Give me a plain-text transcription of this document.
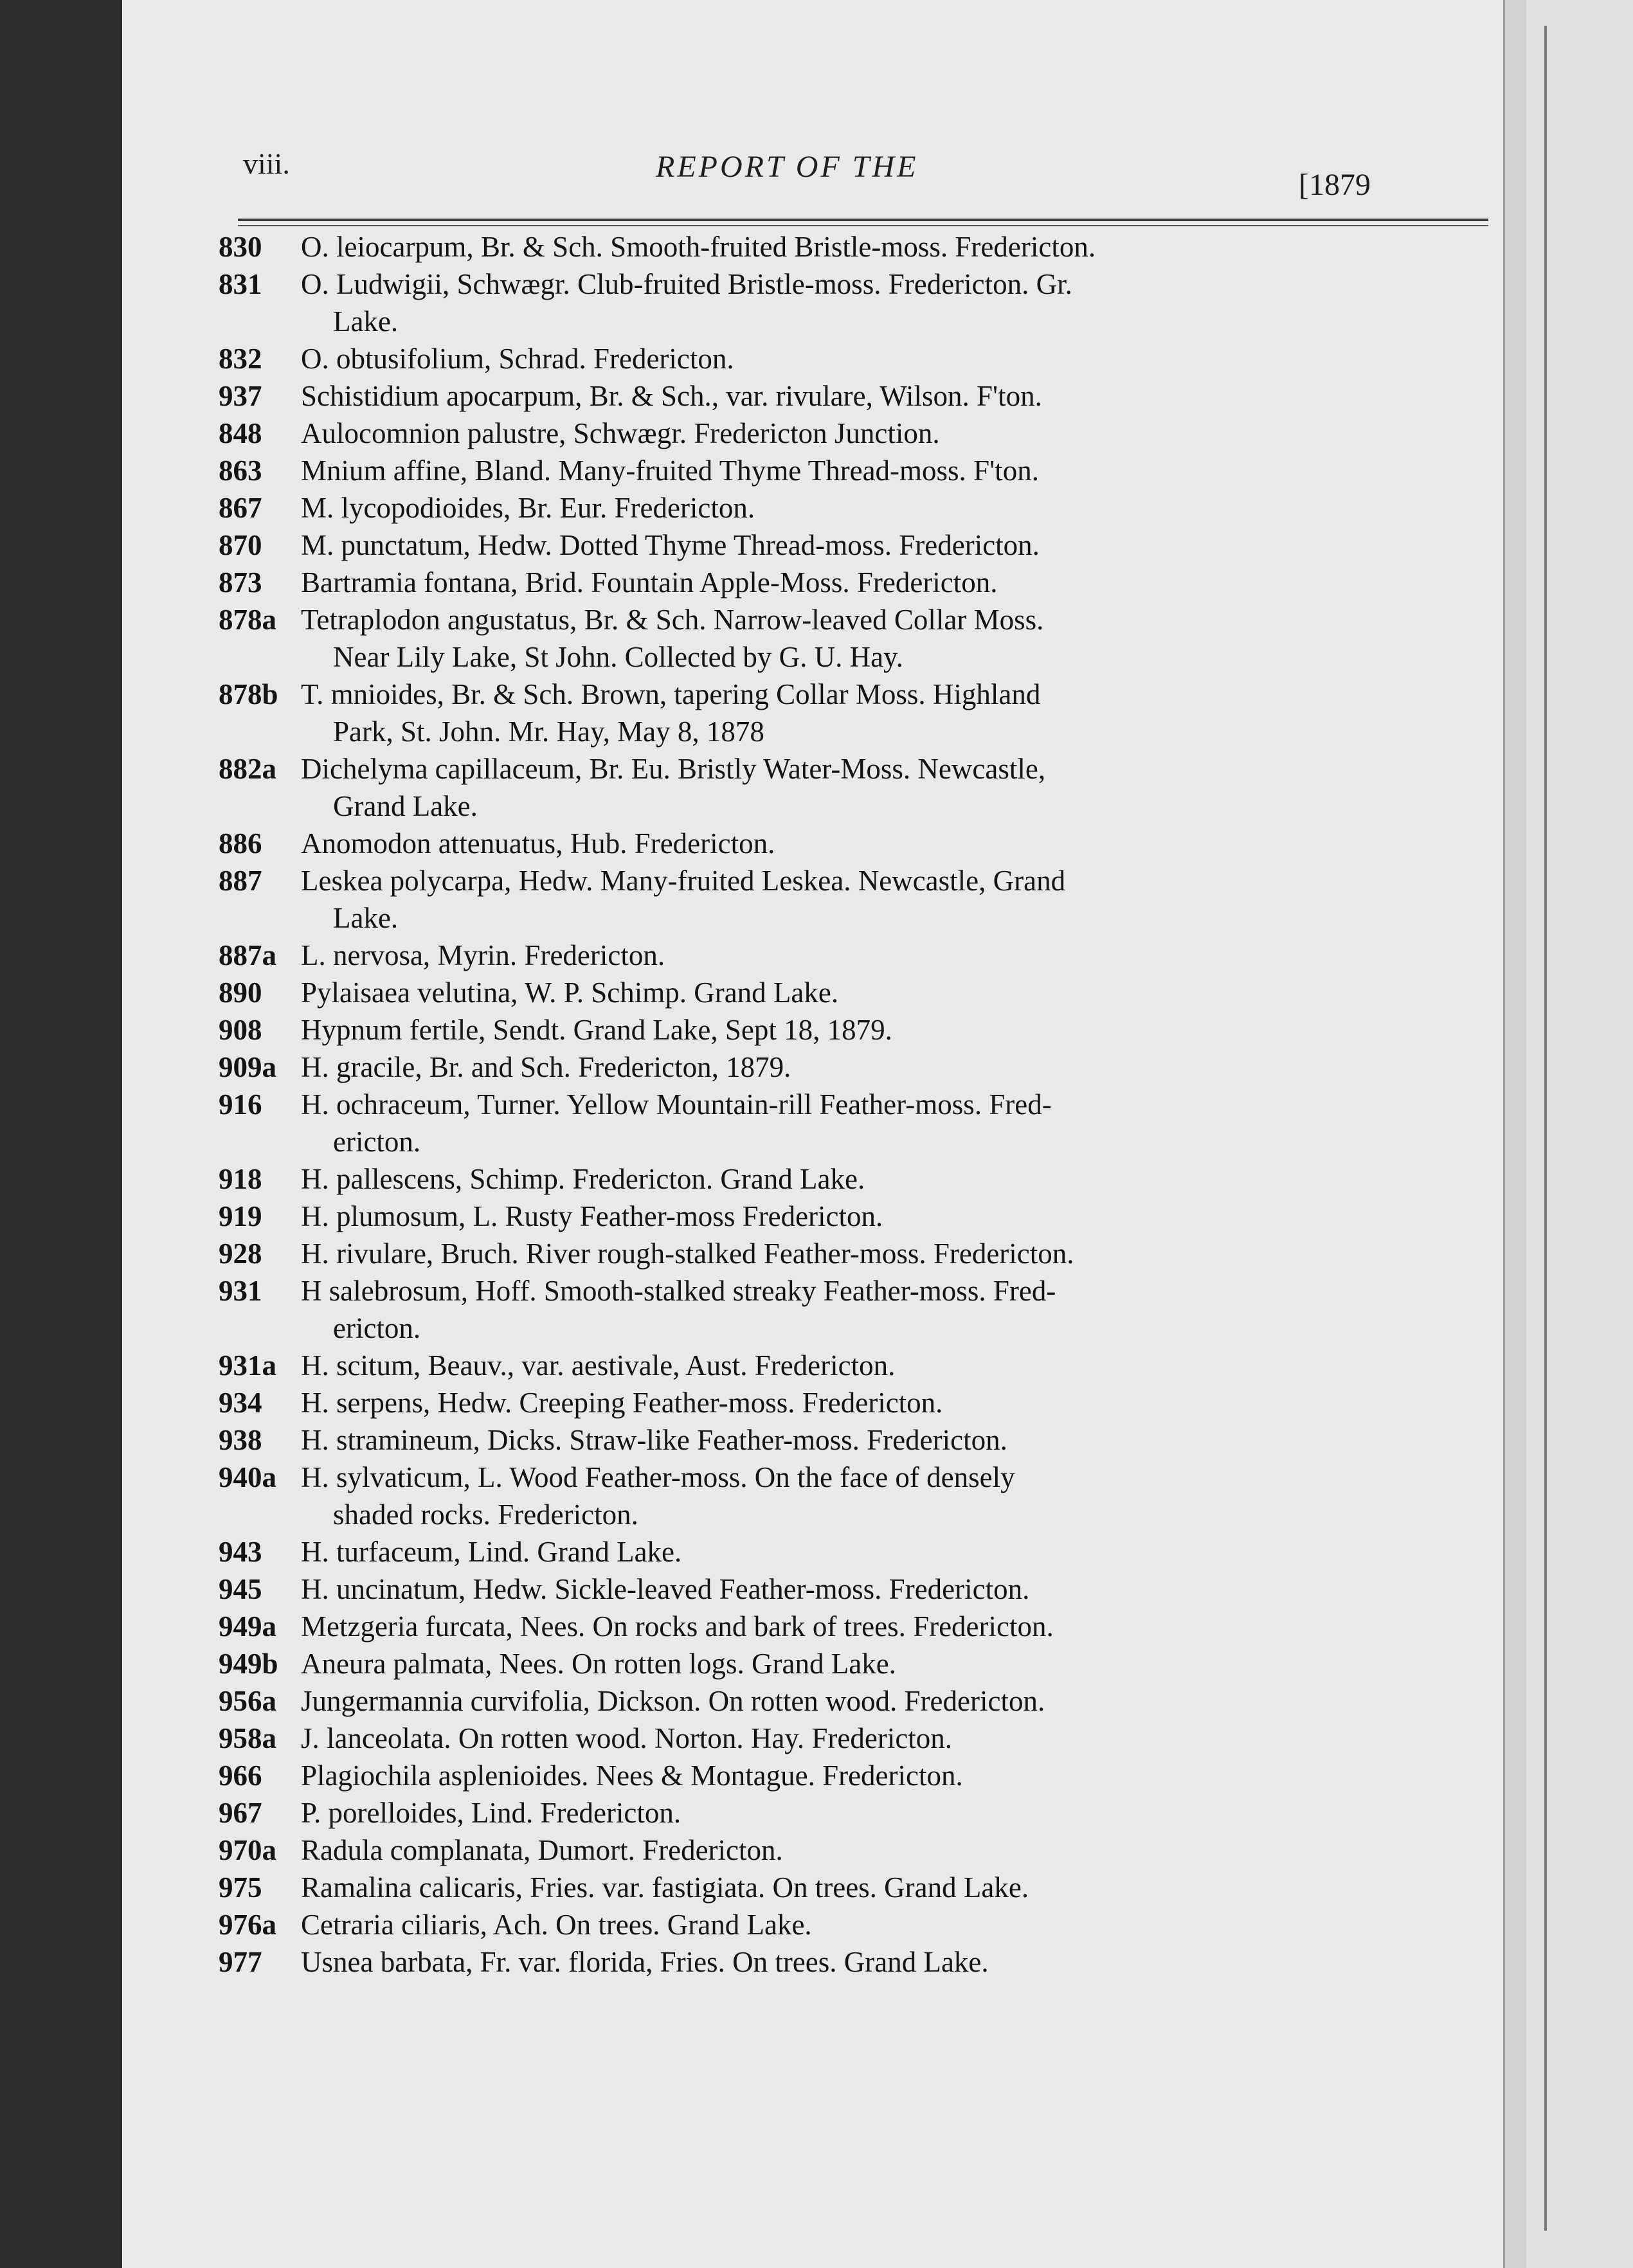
viii.	REPORT OF THE
[1879
830	O. leiocarpum, Br. & Sch. Smooth-fruited Bristle-moss. Fredericton.
831	O. Ludwigii, Schwægr. Club-fruited Bristle-moss. Fredericton. Gr.
Lake.
832	O. obtusifolium, Schrad. Fredericton.
937	Schistidium apocarpum, Br. & Sch., var. rivulare, Wilson. F'ton.
848	Aulocomnion palustre, Schwægr. Fredericton Junction.
863	Mnium affine, Bland. Many-fruited Thyme Thread-moss. F'ton.
867	M. lycopodioides, Br. Eur. Fredericton.
870	M. punctatum, Hedw. Dotted Thyme Thread-moss. Fredericton.
873	Bartramia fontana, Brid. Fountain Apple-Moss. Fredericton.
878a Tetraplodon angustatus, Br. & Sch. Narrow-leaved Collar Moss.
Near Lily Lake, St John. Collected by G. U. Hay.
878b T. mnioides, Br. & Sch. Brown, tapering Collar Moss. Highland
Park, St. John. Mr. Hay, May 8, 1878
882a Dichelyma capillaceum, Br. Eu. Bristly Water-Moss. Newcastle,
Grand Lake.
886	Anomodon attenuatus, Hub. Fredericton.
887	Leskea polycarpa, Hedw. Many-fruited Leskea. Newcastle, Grand
Lake.
887a L. nervosa, Myrin. Fredericton.
890	Pylaisaea velutina, W. P. Schimp. Grand Lake.
908	Hypnum fertile, Sendt. Grand Lake, Sept 18, 1879.
909a H. gracile, Br. and Sch. Fredericton, 1879.
916	H. ochraceum, Turner. Yellow Mountain-rill Feather-moss. Fred-
ericton.
918	H. pallescens, Schimp. Fredericton. Grand Lake.
919	H. plumosum, L. Rusty Feather-moss Fredericton.
928	H. rivulare, Bruch. River rough-stalked Feather-moss. Fredericton.
931	H salebrosum, Hoff. Smooth-stalked streaky Feather-moss. Fred-
ericton.
931a H. scitum, Beauv., var. aestivale, Aust. Fredericton.
934	H. serpens, Hedw. Creeping Feather-moss. Fredericton.
938	H. stramineum, Dicks. Straw-like Feather-moss. Fredericton.
940a H. sylvaticum, L. Wood Feather-moss. On the face of densely
shaded rocks. Fredericton.
943	H. turfaceum, Lind. Grand Lake.
945	H. uncinatum, Hedw. Sickle-leaved Feather-moss. Fredericton.
949a Metzgeria furcata, Nees. On rocks and bark of trees. Fredericton.
949b Aneura palmata, Nees. On rotten logs. Grand Lake.
956a Jungermannia curvifolia, Dickson. On rotten wood. Fredericton.
958a J. lanceolata. On rotten wood. Norton. Hay. Fredericton.
966	Plagiochila asplenioides. Nees & Montague. Fredericton.
967	P. porelloides, Lind. Fredericton.
970a Radula complanata, Dumort. Fredericton.
975	Ramalina calicaris, Fries. var. fastigiata. On trees. Grand Lake.
976a Cetraria ciliaris, Ach. On trees. Grand Lake.
977	Usnea barbata, Fr. var. florida, Fries. On trees. Grand Lake.
